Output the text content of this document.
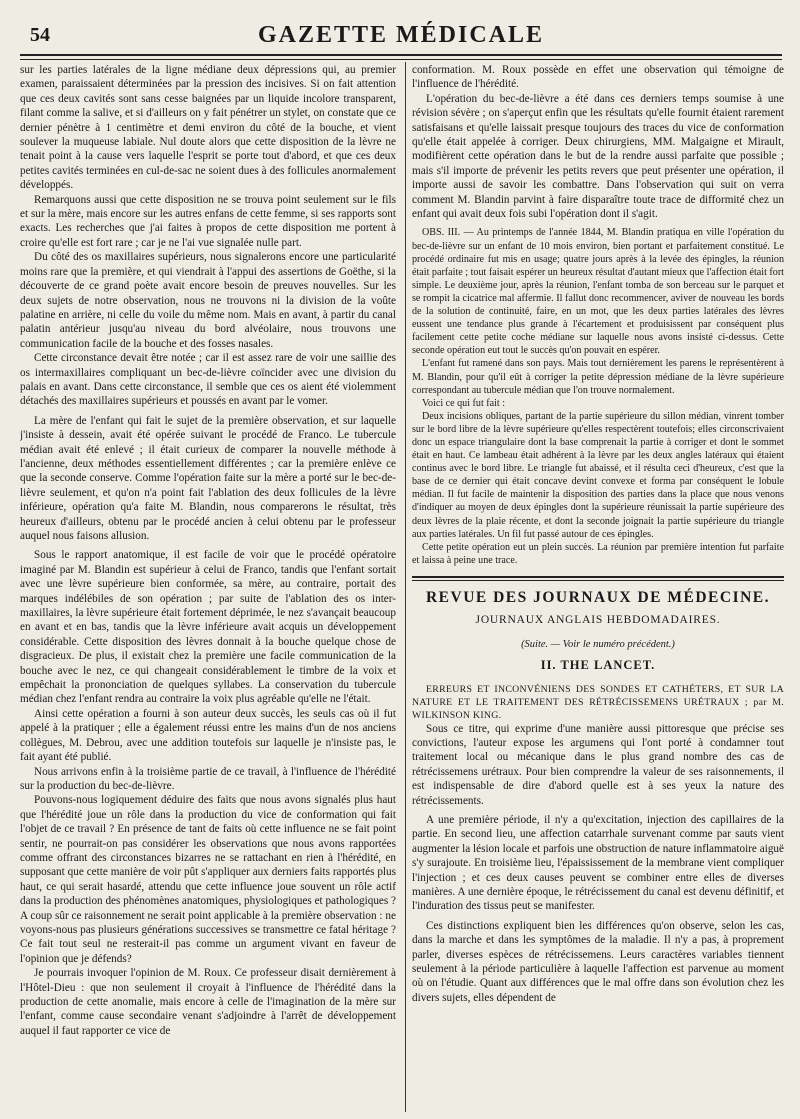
54	GAZETTE MÉDICALE

sur les parties latérales de la ligne médiane deux dépressions qui, au premier examen, paraissaient déterminées par la pression des incisives. Si on fait attention que ces deux cavités sont sans cesse baignées par un liquide incolore transparent, filant comme la salive, et si d'ailleurs on y fait pénétrer un stylet, on constate que ce dernier pénètre à 1 centimètre et demi environ du côté de la bouche, et vient soulever la muqueuse labiale. Nul doute alors que cette disposition de la lèvre ne tenait point à la cause vers laquelle l'esprit se porte tout d'abord, et que ces deux petites cavités terminées en cul-de-sac ne soient dues à des follicules anormalement développés.

Remarquons aussi que cette disposition ne se trouva point seulement sur le fils et sur la mère, mais encore sur les autres enfans de cette femme, si ses rapports sont exacts. Les recherches que j'ai faites à propos de cette disposition me portent à croire qu'elle est fort rare ; car je ne l'ai vue signalée nulle part.

Du côté des os maxillaires supérieurs, nous signalerons encore une particularité moins rare que la première, et qui viendrait à l'appui des assertions de Goëthe, si la découverte de ce grand poète avait encore besoin de preuves nouvelles. Sur les deux sujets de notre observation, nous ne trouvons ni la division de la voûte palatine en arrière, ni celle du voile du même nom. Mais en avant, à partir du canal palatin antérieur jusqu'au niveau du bord alvéolaire, nous trouvons une communication facile de la bouche et des fosses nasales.

Cette circonstance devait être notée ; car il est assez rare de voir une saillie des os intermaxillaires compliquant un bec-de-lièvre coïncider avec une division du palais en avant. Dans cette circonstance, il semble que ces os aient été violemment détachés des maxillaires supérieurs et poussés en avant par le vomer.

La mère de l'enfant qui fait le sujet de la première observation, et sur laquelle j'insiste à dessein, avait été opérée suivant le procédé de Franco. Le tubercule médian avait été enlevé ; il était curieux de comparer la nouvelle méthode à l'ancienne, deux méthodes essentiellement différentes ; car la première enlève ce que la seconde conserve. Comme l'opération faite sur la mère a porté sur le bec-de-lièvre seulement, et qu'on n'a point fait l'ablation des deux follicules de la lèvre inférieure, opération qu'a faite M. Blandin, nous comparerons le résultat, très heureux d'ailleurs, obtenu par le procédé ancien à celui obtenu par le professeur auquel nous faisons allusion.

Sous le rapport anatomique, il est facile de voir que le procédé opératoire imaginé par M. Blandin est supérieur à celui de Franco, tandis que l'enfant sortait avec une lèvre supérieure bien conformée, sa mère, au contraire, portait des marques indélébiles de son opération ; par suite de l'ablation des os inter-maxillaires, la lèvre supérieure était fortement déprimée, le nez s'avançait beaucoup en avant et en bas, tandis que la lèvre inférieure avait acquis un développement considérable. Cette disposition des lèvres donnait à la bouche quelque chose de disgracieux. De plus, il existait chez la première une facile communication de la bouche avec le nez, ce qui changeait considérablement le timbre de la voix et empêchait la prononciation de quelques syllabes. La conservation du tubercule médian chez l'enfant rendra au contraire la voix plus agréable qu'elle ne l'était.

Ainsi cette opération a fourni à son auteur deux succès, les seuls cas où il fut appelé à la pratiquer ; elle a également réussi entre les mains d'un de nos anciens collègues, M. Debrou, avec une addition toutefois sur laquelle je n'insiste pas, le fait ayant été publié.

Nous arrivons enfin à la troisième partie de ce travail, à l'influence de l'hérédité sur la production du bec-de-lièvre.

Pouvons-nous logiquement déduire des faits que nous avons signalés plus haut que l'hérédité joue un rôle dans la production du vice de conformation qui fait l'objet de ce travail ? En présence de tant de faits où cette influence ne se fait point sentir, ne pourrait-on pas considérer les observations que nous avons rapportées comme offrant des circonstances bizarres ne se rattachant en rien à l'hérédité, en supposant que cette manière de voir pût s'appliquer aux derniers faits rapportés plus haut, ce qui serait hasardé, attendu que cette influence joue souvent un rôle actif dans la production des phénomènes anatomiques, physiologiques et pathologiques ? A coup sûr ce raisonnement ne serait point applicable à la première observation : ne voyons-nous pas plusieurs générations successives se transmettre ce fatal héritage ? Ce fait tout seul ne resterait-il pas comme un argument vivant en faveur de l'opinion que je défends?

Je pourrais invoquer l'opinion de M. Roux. Ce professeur disait dernièrement à l'Hôtel-Dieu : que non seulement il croyait à l'influence de l'hérédité dans la production de cette anomalie, mais encore à celle de l'imagination de la mère sur l'enfant, comme cause secondaire venant s'adjoindre à l'arrêt de développement auquel il faut rapporter ce vice de

conformation. M. Roux possède en effet une observation qui témoigne de l'influence de l'hérédité.

L'opération du bec-de-lièvre a été dans ces derniers temps soumise à une révision sévère ; on s'aperçut enfin que les résultats qu'elle fournit étaient rarement satisfaisans et qu'elle laissait presque toujours des traces du vice de conformation qu'elle était appelée à corriger. Deux chirurgiens, MM. Malgaigne et Mirault, modifièrent cette opération dans le but de la rendre aussi parfaite que possible ; mais s'il importe de prévenir les petits revers que peut présenter une opération, il importe aussi de savoir les combattre. Dans l'observation qui suit on verra comment M. Blandin parvint à faire disparaître toute trace de difformité chez un enfant qui avait deux fois subi l'opération dont il s'agit.

OBS. III. — Au printemps de l'année 1844, M. Blandin pratiqua en ville l'opération du bec-de-lièvre sur un enfant de 10 mois environ, bien portant et parfaitement constitué. Le procédé ordinaire fut mis en usage; quatre jours après à la levée des épingles, la réunion était parfaite ; tout faisait espérer un heureux résultat d'autant mieux que l'affection était fort simple. Le deuxième jour, après la réunion, l'enfant tomba de son berceau sur le parquet et se rompit la cicatrice mal affermie. Il fallut donc recommencer, aviver de nouveau les bords de la solution de continuité, faire, en un mot, que les deux parties latérales des lèvres eussent une tendance plus grande à l'écartement et produisissent par conséquent plus facilement cette petite coche médiane sur laquelle nous avons insisté ci-dessus. Cette seconde opération eut tout le succès qu'on pouvait en espérer.

L'enfant fut ramené dans son pays. Mais tout dernièrement les parens le représentèrent à M. Blandin, pour qu'il eût à corriger la petite dépression médiane de la lèvre supérieure correspondant au tubercule médian que l'on trouve normalement.

Voici ce qui fut fait :

Deux incisions obliques, partant de la partie supérieure du sillon médian, vinrent tomber sur le bord libre de la lèvre supérieure qu'elles respectèrent toutefois; elles circonscrivaient donc un espace triangulaire dont la base comprenait la partie à corriger et dont le sommet était en haut. Ce lambeau était adhérent à la lèvre par les deux angles latéraux qui étaient continus avec le bord libre. Le triangle fut abaissé, et il résulta ceci d'heureux, c'est que la base de ce dernier qui était concave devint convexe et forma par conséquent le lobule médian. Il fut facile de maintenir la disposition des parties dans la place que nous venons d'indiquer au moyen de deux épingles dont la supérieure réunissait la partie supérieure des deux lèvres de la plaie récente, et dont la seconde joignait la partie supérieure du triangle aux parties latérales. Un fil fut passé autour de ces épingles.

Cette petite opération eut un plein succès. La réunion par première intention fut parfaite et laissa à peine une trace.

REVUE DES JOURNAUX DE MÉDECINE.
JOURNAUX ANGLAIS HEBDOMADAIRES.
(Suite. — Voir le numéro précédent.)
II. THE LANCET.

ERREURS ET INCONVÉNIENS DES SONDES ET CATHÉTERS, ET SUR LA NATURE ET LE TRAITEMENT DES RÉTRÉCISSEMENS URÉTRAUX ; par M. WILKINSON KING.

Sous ce titre, qui exprime d'une manière aussi pittoresque que précise ses convictions, l'auteur expose les argumens qui l'ont porté à condamner tout traitement local ou mécanique dans le plus grand nombre des cas de rétrécissemens urétraux. Pour bien comprendre la valeur de ses raisonnements, il est indispensable de dire d'abord quelle est à ses yeux la nature des rétrécissements.

A une première période, il n'y a qu'excitation, injection des capillaires de la partie. En second lieu, une affection catarrhale survenant comme par sauts vient augmenter la lésion locale et parfois une obstruction de nature inflammatoire aiguë s'y surajoute. En troisième lieu, l'épaississement de la membrane vient compliquer l'injection ; et ces deux causes peuvent se combiner entre elles de diverses manières. A une dernière époque, le rétrécissement du canal est devenu définitif, et l'induration des tissus peut se manifester.

Ces distinctions expliquent bien les différences qu'on observe, selon les cas, dans la marche et dans les symptômes de la maladie. Il n'y a pas, à proprement parler, diverses espèces de rétrécissemens. Leurs caractères variables tiennent seulement à la période particulière à laquelle l'affection est parvenue au moment où on l'étudie. Quant aux différences que le mal offre dans son évolution chez les divers sujets, elles dépendent de
